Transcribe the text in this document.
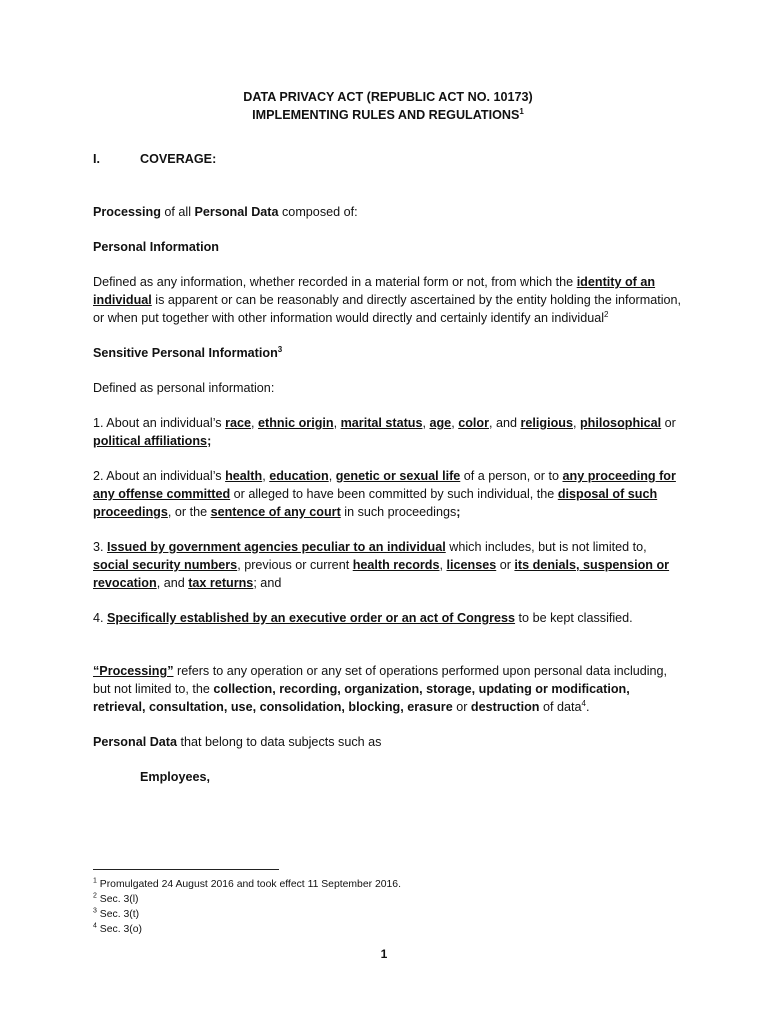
DATA PRIVACY ACT (REPUBLIC ACT NO. 10173)
IMPLEMENTING RULES AND REGULATIONS$^1$

I.	COVERAGE:

Processing of all Personal Data composed of:

Personal Information

Defined as any information, whether recorded in a material form or not, from which the identity of an individual is apparent or can be reasonably and directly ascertained by the entity holding the information, or when put together with other information would directly and certainly identify an individual$^2$

Sensitive Personal Information$^3$

Defined as personal information:

1. About an individual’s race, ethnic origin, marital status, age, color, and religious, philosophical or political affiliations;

2. About an individual’s health, education, genetic or sexual life of a person, or to any proceeding for any offense committed or alleged to have been committed by such individual, the disposal of such proceedings, or the sentence of any court in such proceedings;

3. Issued by government agencies peculiar to an individual which includes, but is not limited to, social security numbers, previous or current health records, licenses or its denials, suspension or revocation, and tax returns; and

4. Specifically established by an executive order or an act of Congress to be kept classified.

“Processing” refers to any operation or any set of operations performed upon personal data including, but not limited to, the collection, recording, organization, storage, updating or modification, retrieval, consultation, use, consolidation, blocking, erasure or destruction of data$^4$.

Personal Data that belong to data subjects such as

Employees,

$^1$ Promulgated 24 August 2016 and took effect 11 September 2016.
$^2$ Sec. 3(l)
$^3$ Sec. 3(t)
$^4$ Sec. 3(o)
1
